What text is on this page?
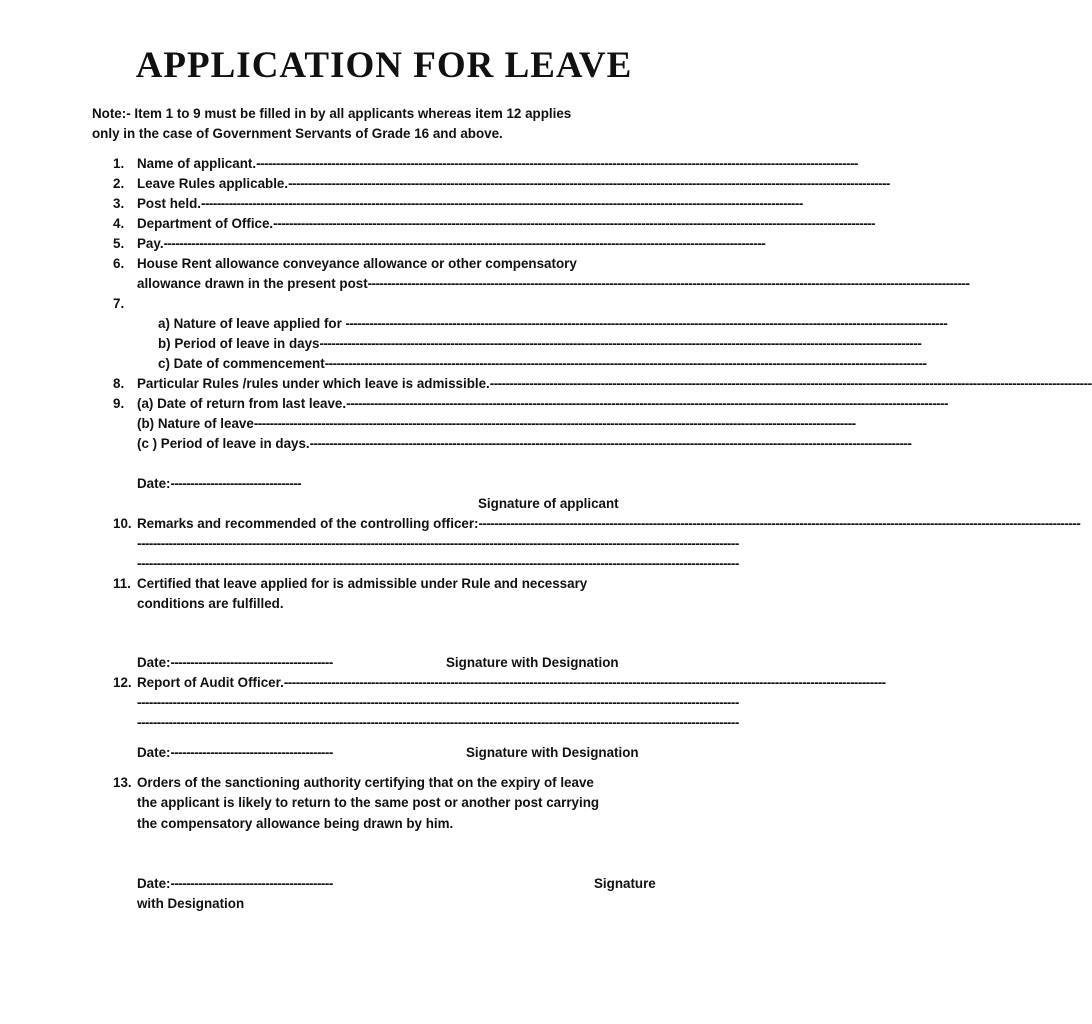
APPLICATION FOR LEAVE
Note:- Item 1 to 9 must be filled in by all applicants whereas item 12 applies
only in the case of Government Servants of Grade 16 and above.
1. Name of applicant.--------------------------------------------------------------------------------------------------------------------------------------------------------
2. Leave Rules applicable.--------------------------------------------------------------------------------------------------------------------------------------------------------
3. Post held.--------------------------------------------------------------------------------------------------------------------------------------------------------
4. Department of Office.--------------------------------------------------------------------------------------------------------------------------------------------------------
5. Pay.--------------------------------------------------------------------------------------------------------------------------------------------------------
6. House Rent allowance conveyance allowance or other compensatory
allowance drawn in the present post--------------------------------------------------------------------------------------------------------------------------------------------------------
7.
a) Nature of leave applied for --------------------------------------------------------------------------------------------------------------------------------------------------------
b) Period of leave in days--------------------------------------------------------------------------------------------------------------------------------------------------------
c) Date of commencement--------------------------------------------------------------------------------------------------------------------------------------------------------
8. Particular Rules /rules under which leave is admissible.--------------------------------------------------------------------------------------------------------------------------------------------------------
9. (a) Date of return from last leave.--------------------------------------------------------------------------------------------------------------------------------------------------------
(b) Nature of leave--------------------------------------------------------------------------------------------------------------------------------------------------------
(c ) Period of leave in days.--------------------------------------------------------------------------------------------------------------------------------------------------------
Date:---------------------------------
Signature of applicant
10. Remarks and recommended of the controlling officer:--------------------------------------------------------------------------------------------------------------------------------------------------------
--------------------------------------------------------------------------------------------------------------------------------------------------------
--------------------------------------------------------------------------------------------------------------------------------------------------------
11. Certified that leave applied for is admissible under Rule and necessary
conditions are fulfilled.
Date:-----------------------------------------	Signature with Designation
12. Report of Audit Officer.--------------------------------------------------------------------------------------------------------------------------------------------------------
--------------------------------------------------------------------------------------------------------------------------------------------------------
--------------------------------------------------------------------------------------------------------------------------------------------------------
Date:-----------------------------------------	Signature with Designation
13. Orders of the sanctioning authority certifying that on the expiry of leave
the applicant is likely to return to the same post or another post carrying
the compensatory allowance being drawn by him.
Date:-----------------------------------------	Signature
with Designation
